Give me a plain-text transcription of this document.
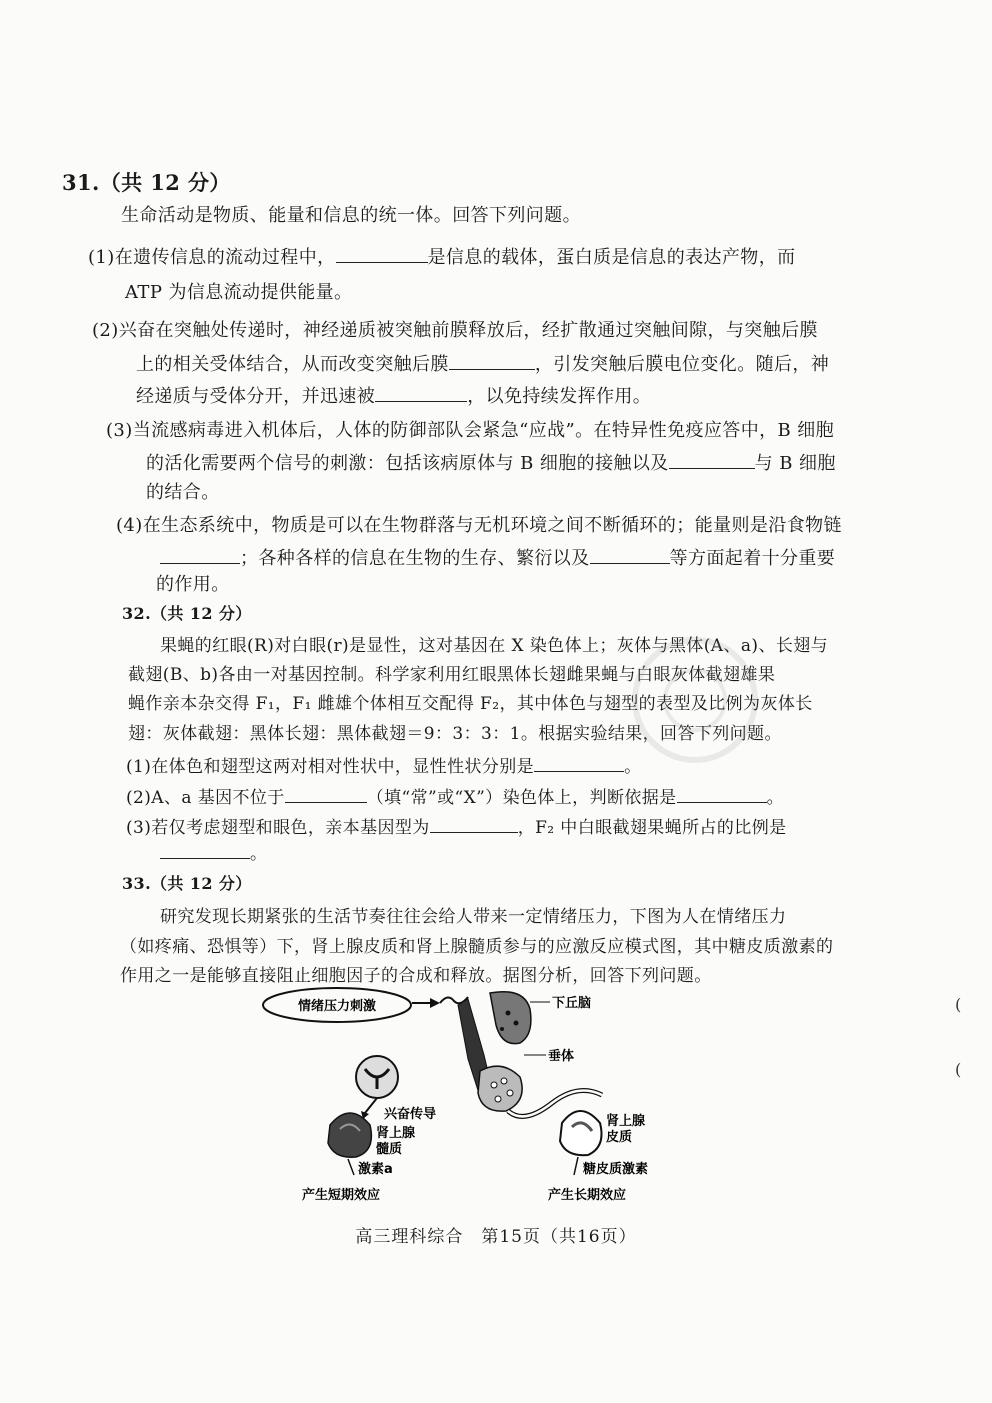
31.（共 12 分）
生命活动是物质、能量和信息的统一体。回答下列问题。
(1)在遗传信息的流动过程中，	是信息的载体，蛋白质是信息的表达产物，而
ATP 为信息流动提供能量。
(2)兴奋在突触处传递时，神经递质被突触前膜释放后，经扩散通过突触间隙，与突触后膜
上的相关受体结合，从而改变突触后膜	，引发突触后膜电位变化。随后，神
经递质与受体分开，并迅速被	，以免持续发挥作用。
(3)当流感病毒进入机体后，人体的防御部队会紧急“应战”。在特异性免疫应答中，B 细胞
的活化需要两个信号的刺激：包括该病原体与 B 细胞的接触以及	与 B 细胞
的结合。
(4)在生态系统中，物质是可以在生物群落与无机环境之间不断循环的；能量则是沿食物链
；各种各样的信息在生物的生存、繁衍以及	等方面起着十分重要
的作用。
32.（共 12 分）
果蝇的红眼(R)对白眼(r)是显性，这对基因在 X 染色体上；灰体与黑体(A、a)、长翅与
截翅(B、b)各由一对基因控制。科学家利用红眼黑体长翅雌果蝇与白眼灰体截翅雄果
蝇作亲本杂交得 F₁，F₁ 雌雄个体相互交配得 F₂，其中体色与翅型的表型及比例为灰体长
翅：灰体截翅：黑体长翅：黑体截翅＝9：3：3：1。根据实验结果，回答下列问题。
(1)在体色和翅型这两对相对性状中，显性性状分别是	。
(2)A、a 基因不位于	（填“常”或“X”）染色体上，判断依据是	。
(3)若仅考虑翅型和眼色，亲本基因型为	，F₂ 中白眼截翅果蝇所占的比例是
。
33.（共 12 分）
研究发现长期紧张的生活节奏往往会给人带来一定情绪压力，下图为人在情绪压力
（如疼痛、恐惧等）下，肾上腺皮质和肾上腺髓质参与的应激反应模式图，其中糖皮质激素的
作用之一是能够直接阻止细胞因子的合成和释放。据图分析，回答下列问题。
情绪压力刺激	下丘脑
垂体
兴奋传导
肾上腺
髓质
激素a
产生短期效应
肾上腺
皮质
糖皮质激素
产生长期效应
高三理科综合　第15页（共16页）
(
(
